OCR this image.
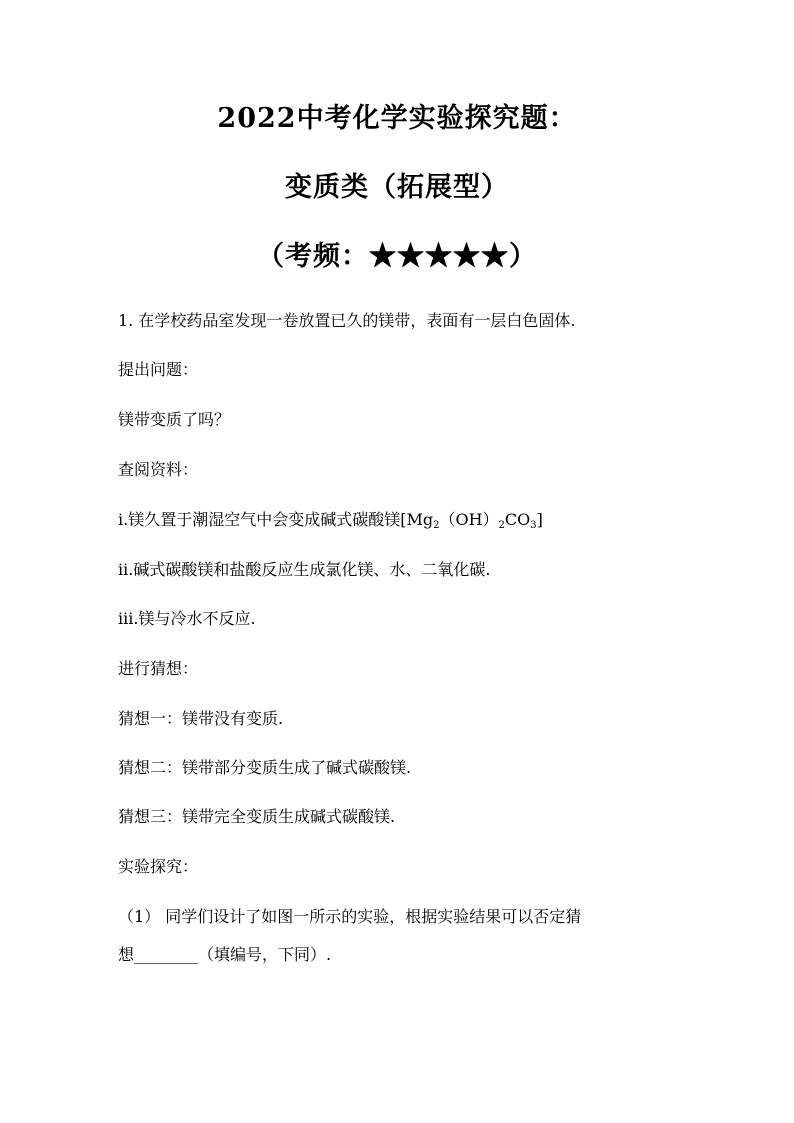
2022中考化学实验探究题：
变质类（拓展型）
（考频：★★★★★）
1. 在学校药品室发现一卷放置已久的镁带，表面有一层白色固体.
提出问题：
镁带变质了吗？
查阅资料：
i.镁久置于潮湿空气中会变成碱式碳酸镁$[Mg_2(OH)_2CO_3]$
ii.碱式碳酸镁和盐酸反应生成氯化镁、水、二氧化碳.
iii.镁与冷水不反应.
进行猜想：
猜想一：镁带没有变质.
猜想二：镁带部分变质生成了碱式碳酸镁.
猜想三：镁带完全变质生成碱式碳酸镁.
实验探究：
（1） 同学们设计了如图一所示的实验，根据实验结果可以否定猜
想________（填编号，下同）.
